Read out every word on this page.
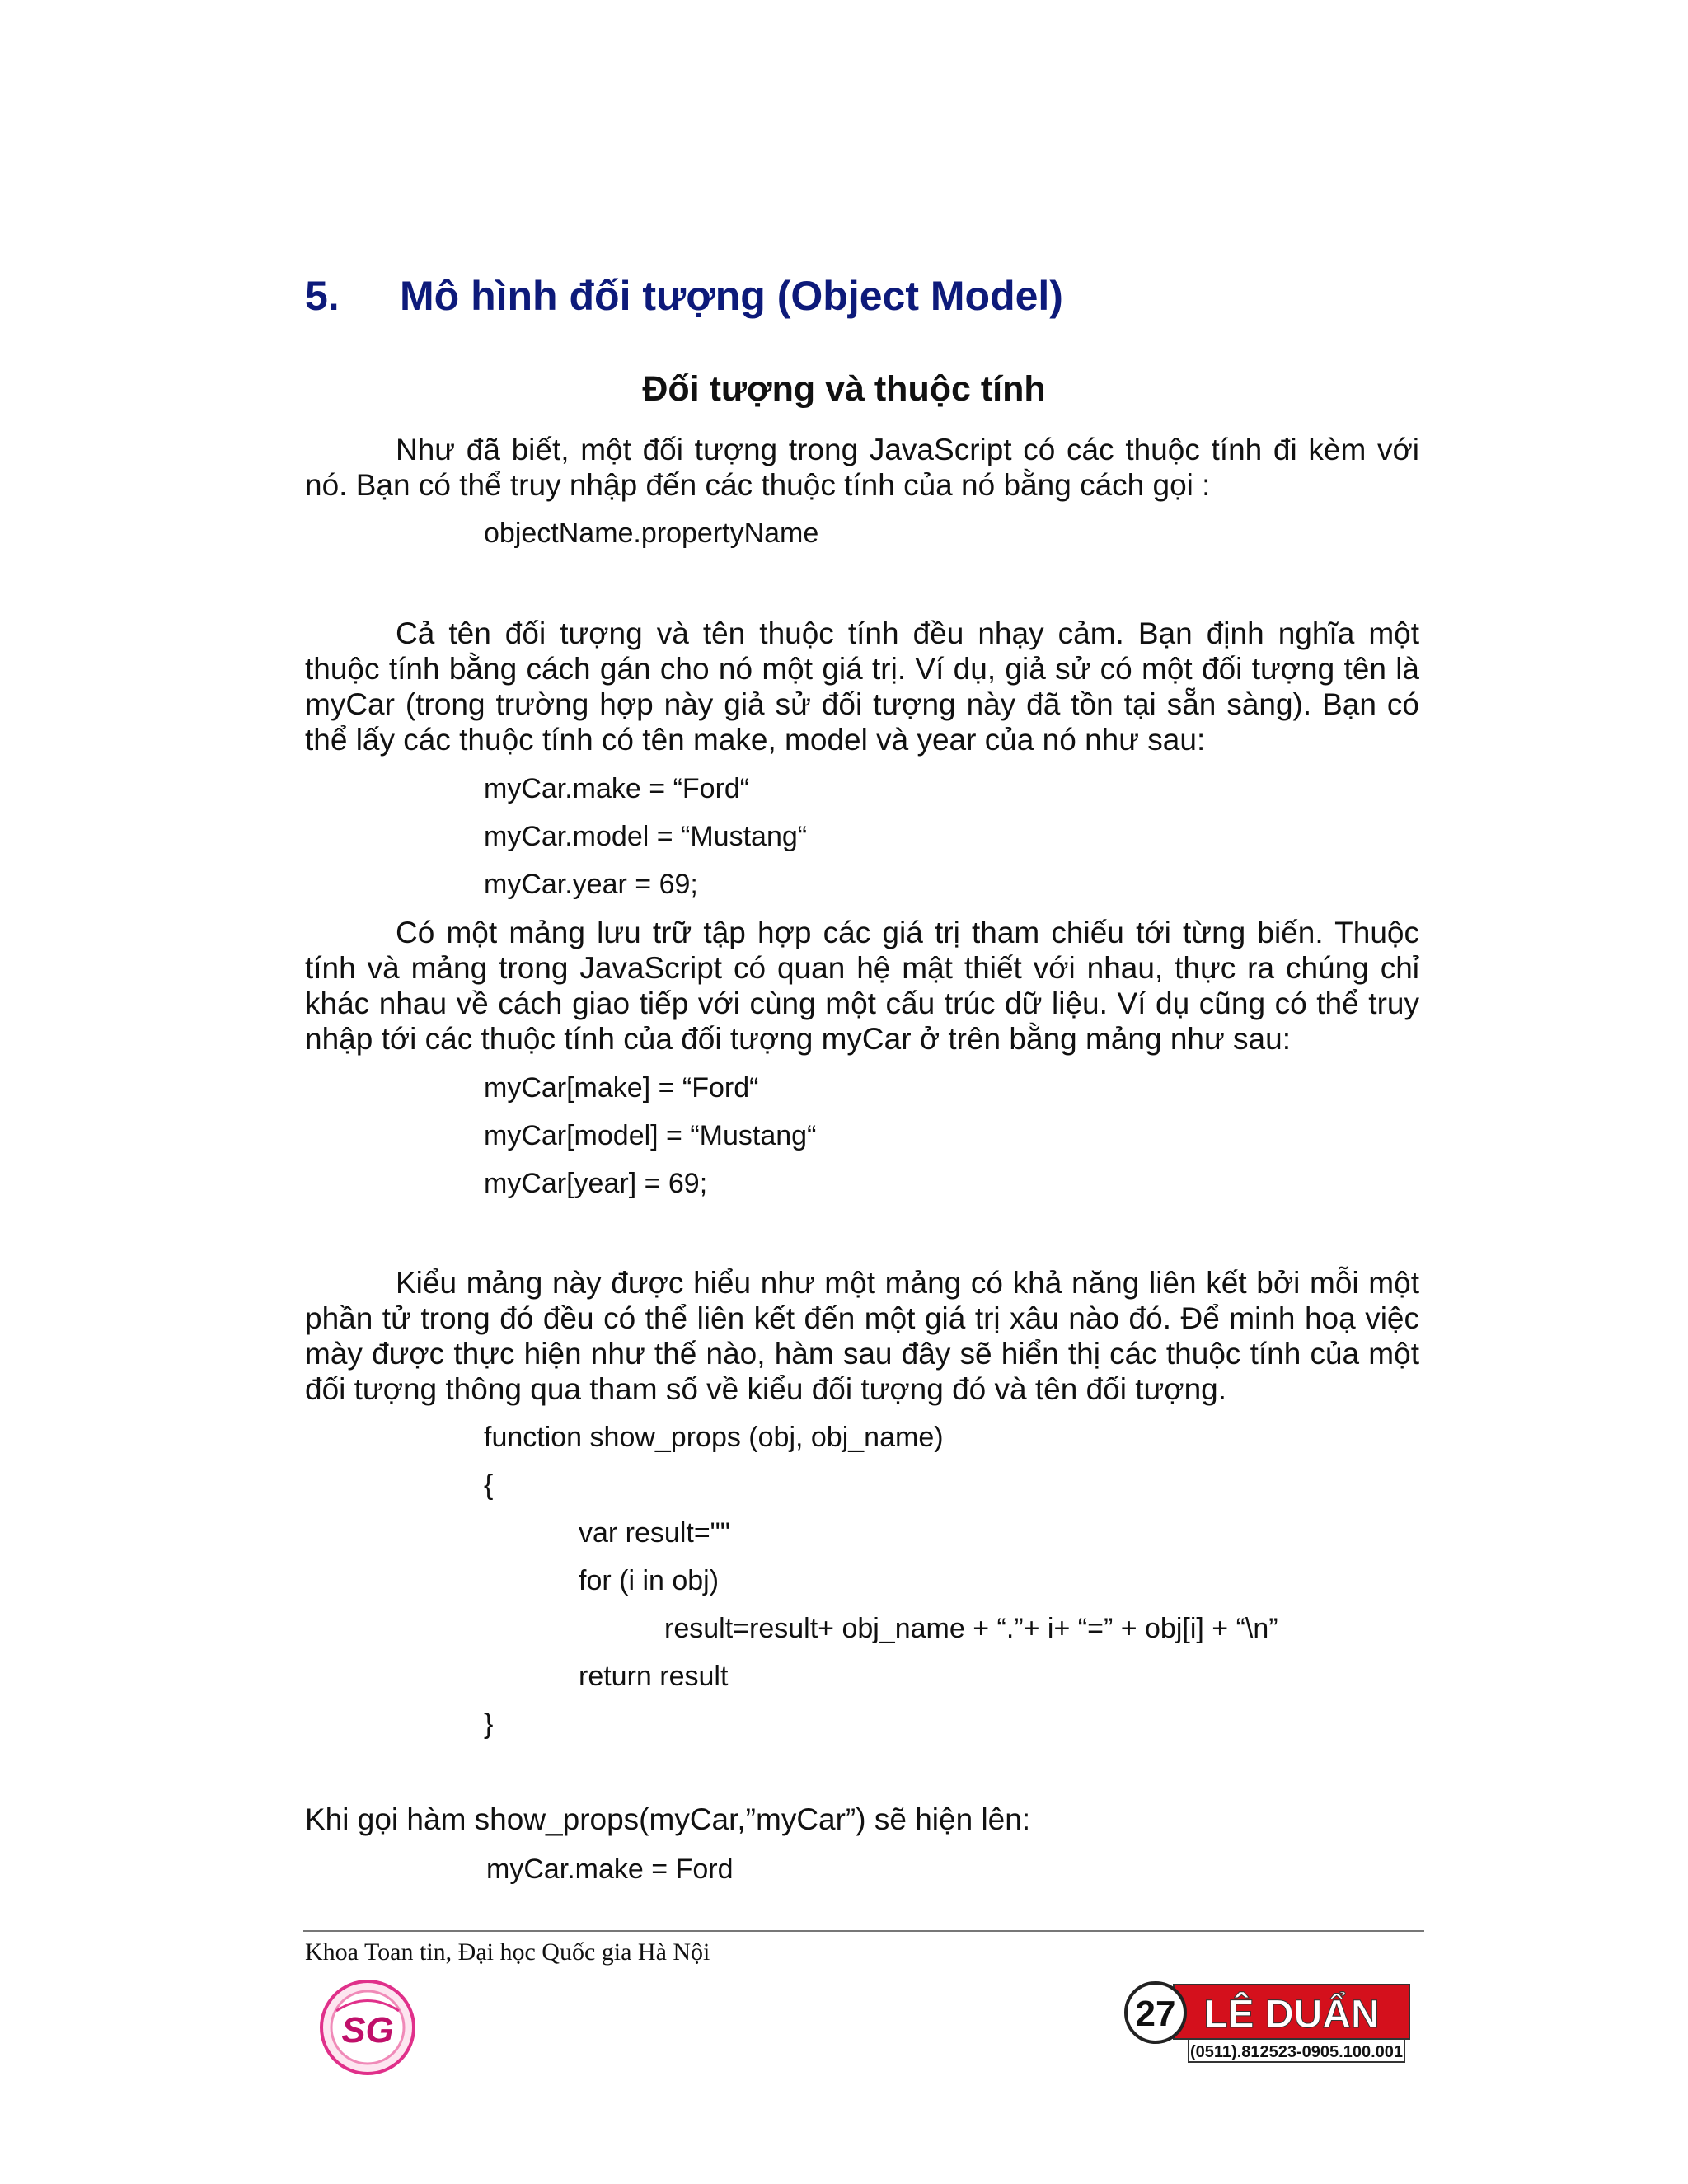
5. Mô hình đối tượng (Object Model)
Đối tượng và thuộc tính

Như đã biết, một đối tượng trong JavaScript có các thuộc tính đi kèm với nó. Bạn có thể truy nhập đến các thuộc tính của nó bằng cách gọi :

objectName.propertyName

Cả tên đối tượng và tên thuộc tính đều nhạy cảm. Bạn định nghĩa một thuộc tính bằng cách gán cho nó một giá trị. Ví dụ, giả sử có một đối tượng tên là myCar (trong trường hợp này giả sử đối tượng này đã tồn tại sẵn sàng). Bạn có thể lấy các thuộc tính có tên make, model và year của nó như sau:

myCar.make = “Ford“
myCar.model = “Mustang“
myCar.year = 69;

Có một mảng lưu trữ tập hợp các giá trị tham chiếu tới từng biến. Thuộc tính và mảng trong JavaScript có quan hệ mật thiết với nhau, thực ra chúng chỉ khác nhau về cách giao tiếp với cùng một cấu trúc dữ liệu. Ví dụ cũng có thể truy nhập tới các thuộc tính của đối tượng myCar ở trên bằng mảng như sau:

myCar[make] = “Ford“
myCar[model] = “Mustang“
myCar[year] = 69;

Kiểu mảng này được hiểu như một mảng có khả năng liên kết bởi mỗi một phần tử trong đó đều có thể liên kết đến một giá trị xâu nào đó. Để minh hoạ việc mày được thực hiện như thế nào, hàm sau đây sẽ hiển thị các thuộc tính của một đối tượng thông qua tham số về kiểu đối tượng đó và tên đối tượng.

function show_props (obj, obj_name)
{
var result=""
for (i in obj)
result=result+ obj_name + “.”+ i+ “=” + obj[i] + “\n”
return result
}

Khi gọi hàm show_props(myCar,”myCar”) sẽ hiện lên:

myCar.make = Ford
Khoa Toan tin, Đại học Quốc gia Hà Nội
SG	27 LÊ DUẨN
(0511).812523-0905.100.001
